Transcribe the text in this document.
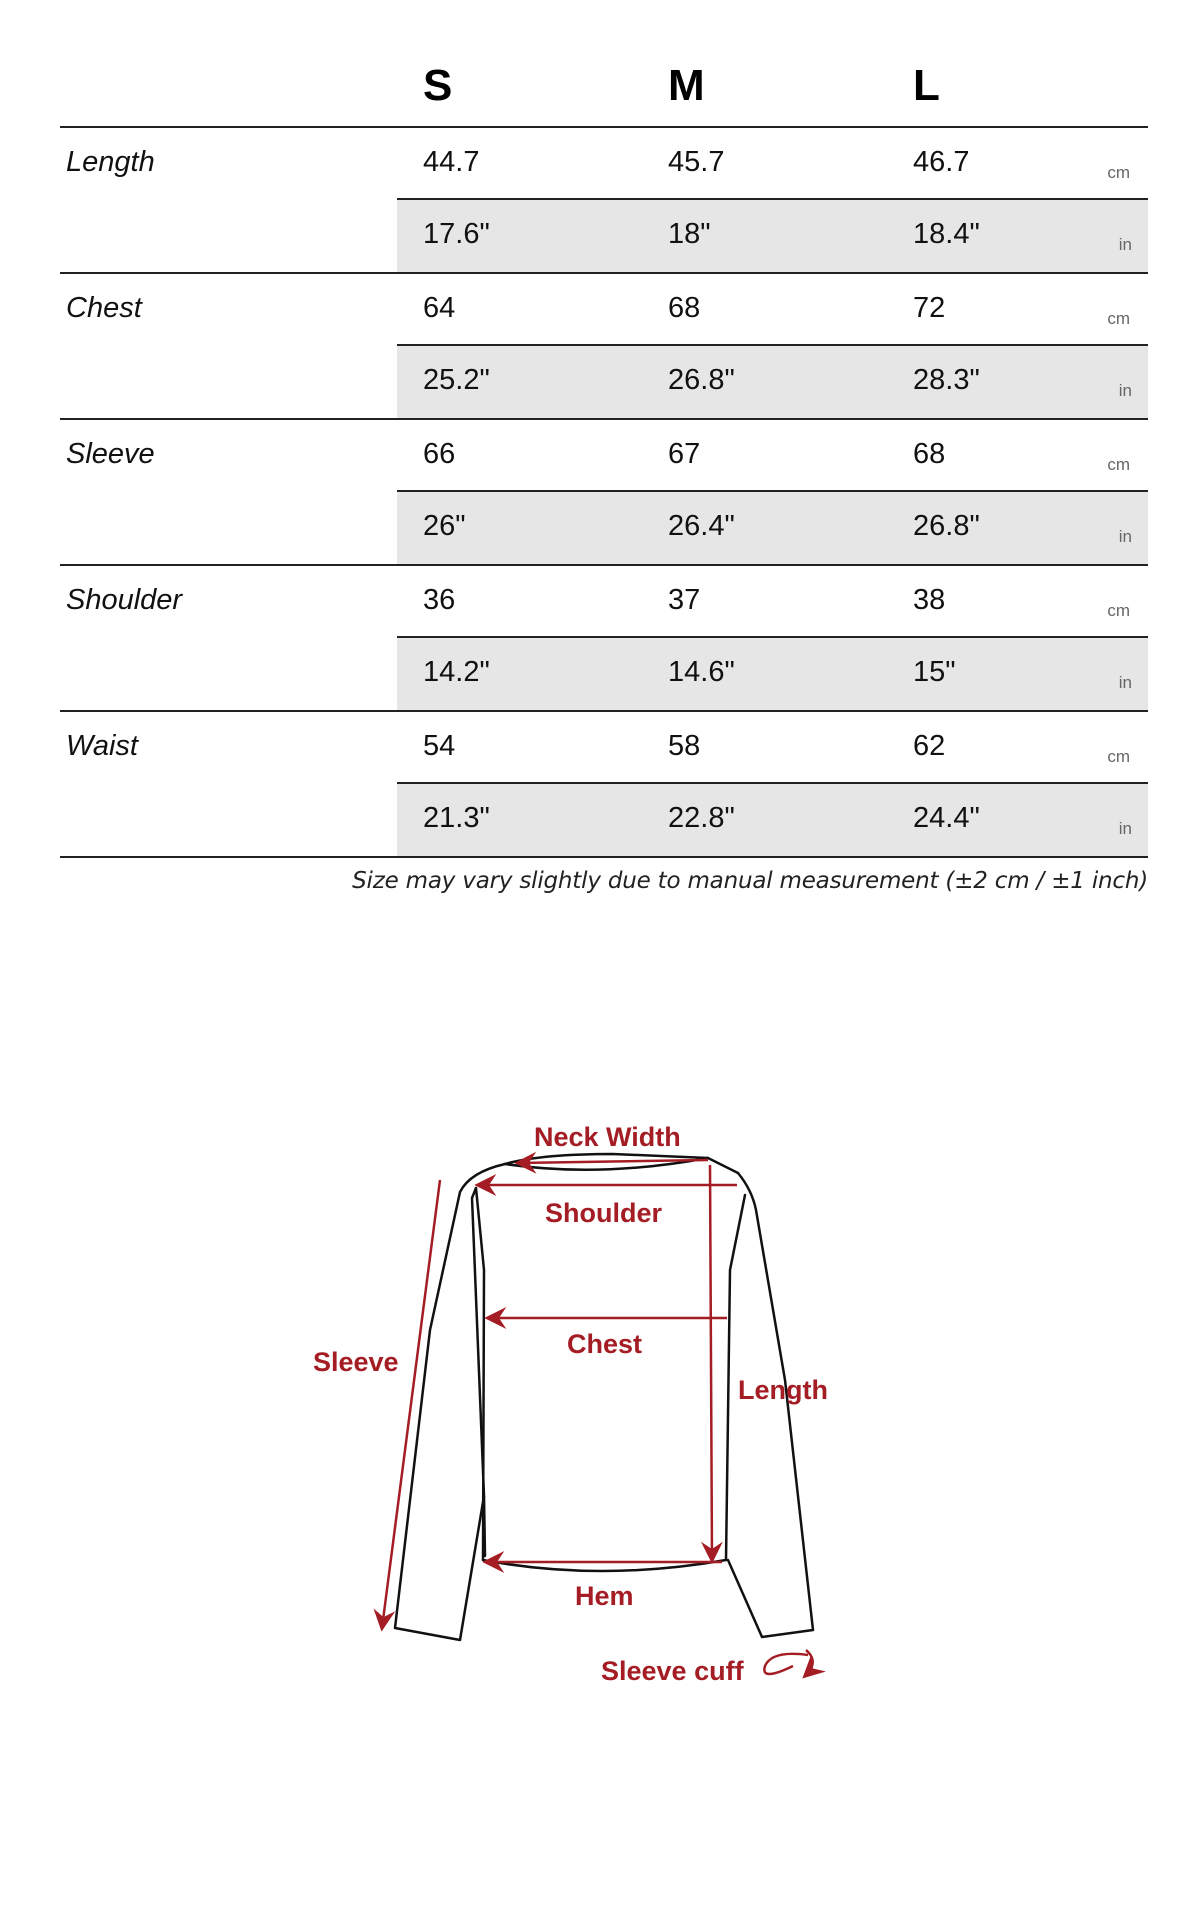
S	M	L
Length	44.7	45.7	46.7	cm
17.6"	18"	18.4"	in
Chest	64	68	72	cm
25.2"	26.8"	28.3"	in
Sleeve	66	67	68	cm
26"	26.4"	26.8"	in
Shoulder	36	37	38	cm
14.2"	14.6"	15"	in
Waist	54	58	62	cm
21.3"	22.8"	24.4"	in
Size may vary slightly due to manual measurement (±2 cm / ±1 inch)
Neck Width
Shoulder
Chest
Length
Sleeve
Hem
Sleeve cuff
